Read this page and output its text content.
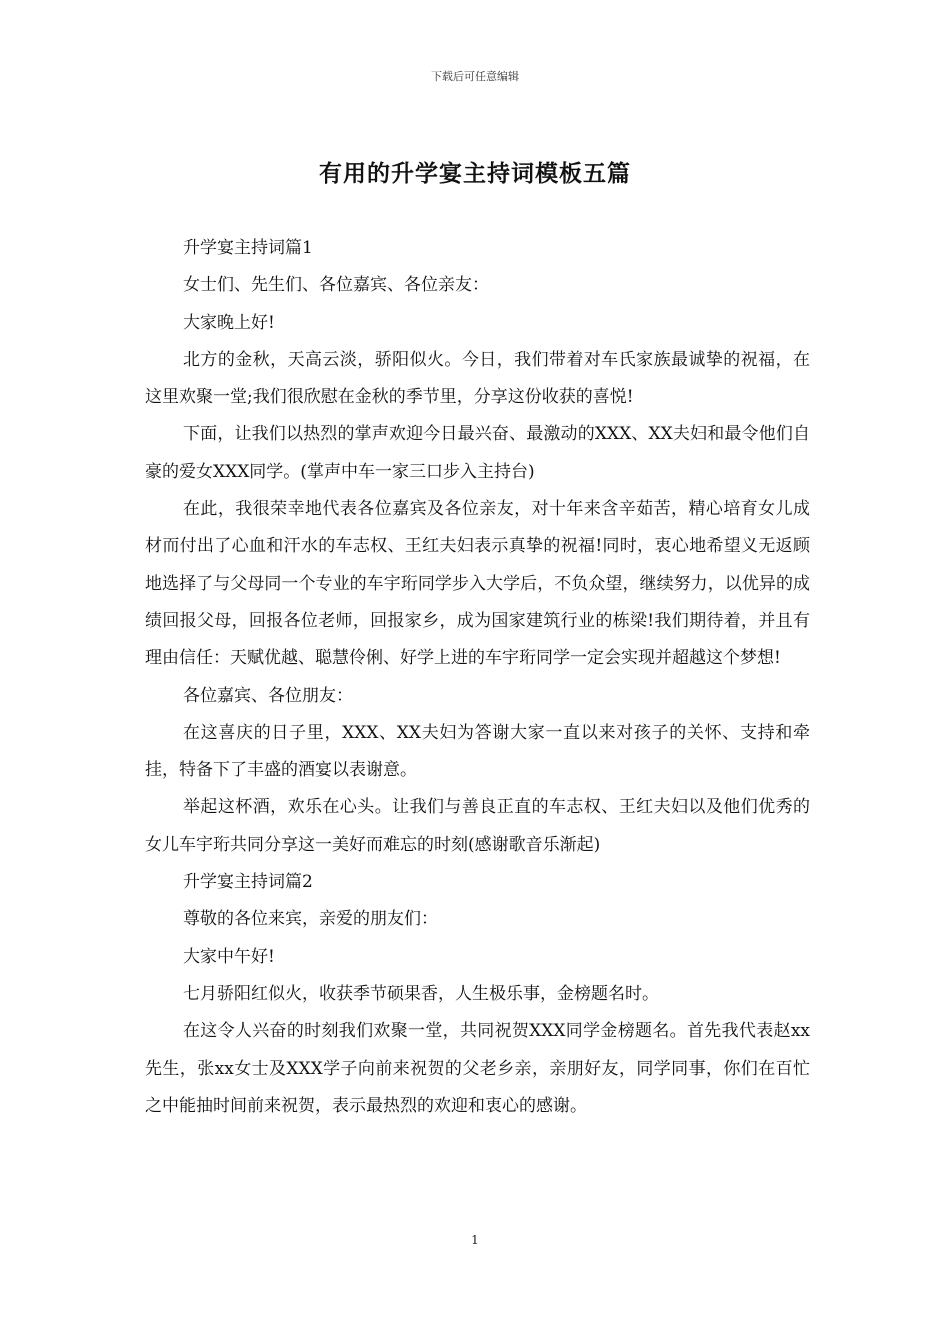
下载后可任意编辑
有用的升学宴主持词模板五篇

升学宴主持词篇1

女士们、先生们、各位嘉宾、各位亲友：

大家晚上好!

北方的金秋，天高云淡，骄阳似火。今日，我们带着对车氏家族最诚挚的祝福，在这里欢聚一堂;我们很欣慰在金秋的季节里，分享这份收获的喜悦!

下面，让我们以热烈的掌声欢迎今日最兴奋、最激动的XXX、XX夫妇和最令他们自豪的爱女XXX同学。(掌声中车一家三口步入主持台)

在此，我很荣幸地代表各位嘉宾及各位亲友，对十年来含辛茹苦，精心培育女儿成材而付出了心血和汗水的车志权、王红夫妇表示真挚的祝福!同时，衷心地希望义无返顾地选择了与父母同一个专业的车宇珩同学步入大学后，不负众望，继续努力，以优异的成绩回报父母，回报各位老师，回报家乡，成为国家建筑行业的栋梁!我们期待着，并且有理由信任：天赋优越、聪慧伶俐、好学上进的车宇珩同学一定会实现并超越这个梦想!

各位嘉宾、各位朋友：

在这喜庆的日子里，XXX、XX夫妇为答谢大家一直以来对孩子的关怀、支持和牵挂，特备下了丰盛的酒宴以表谢意。

举起这杯酒，欢乐在心头。让我们与善良正直的车志权、王红夫妇以及他们优秀的女儿车宇珩共同分享这一美好而难忘的时刻(感谢歌音乐渐起)

升学宴主持词篇2

尊敬的各位来宾，亲爱的朋友们：

大家中午好!

七月骄阳红似火，收获季节硕果香，人生极乐事，金榜题名时。

在这令人兴奋的时刻我们欢聚一堂，共同祝贺XXX同学金榜题名。首先我代表赵xx先生，张xx女士及XXX学子向前来祝贺的父老乡亲，亲朋好友，同学同事，你们在百忙之中能抽时间前来祝贺，表示最热烈的欢迎和衷心的感谢。

1
